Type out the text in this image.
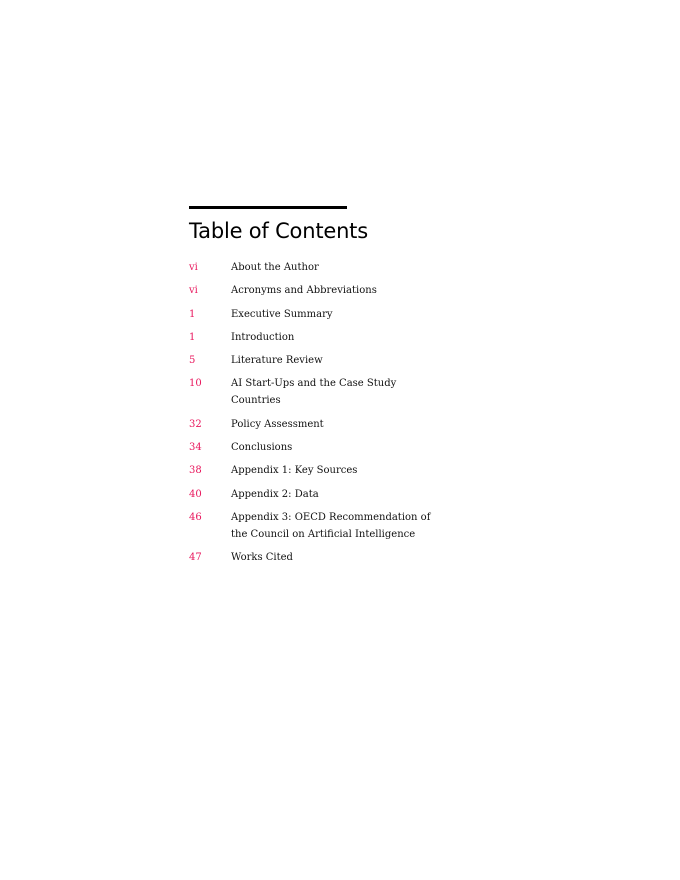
Table of Contents
vi	About the Author
vi	Acronyms and Abbreviations
1	Executive Summary
1	Introduction
5	Literature Review
10	AI Start-Ups and the Case Study Countries
32	Policy Assessment
34	Conclusions
38	Appendix 1: Key Sources
40	Appendix 2: Data
46	Appendix 3: OECD Recommendation of the Council on Artificial Intelligence
47	Works Cited
